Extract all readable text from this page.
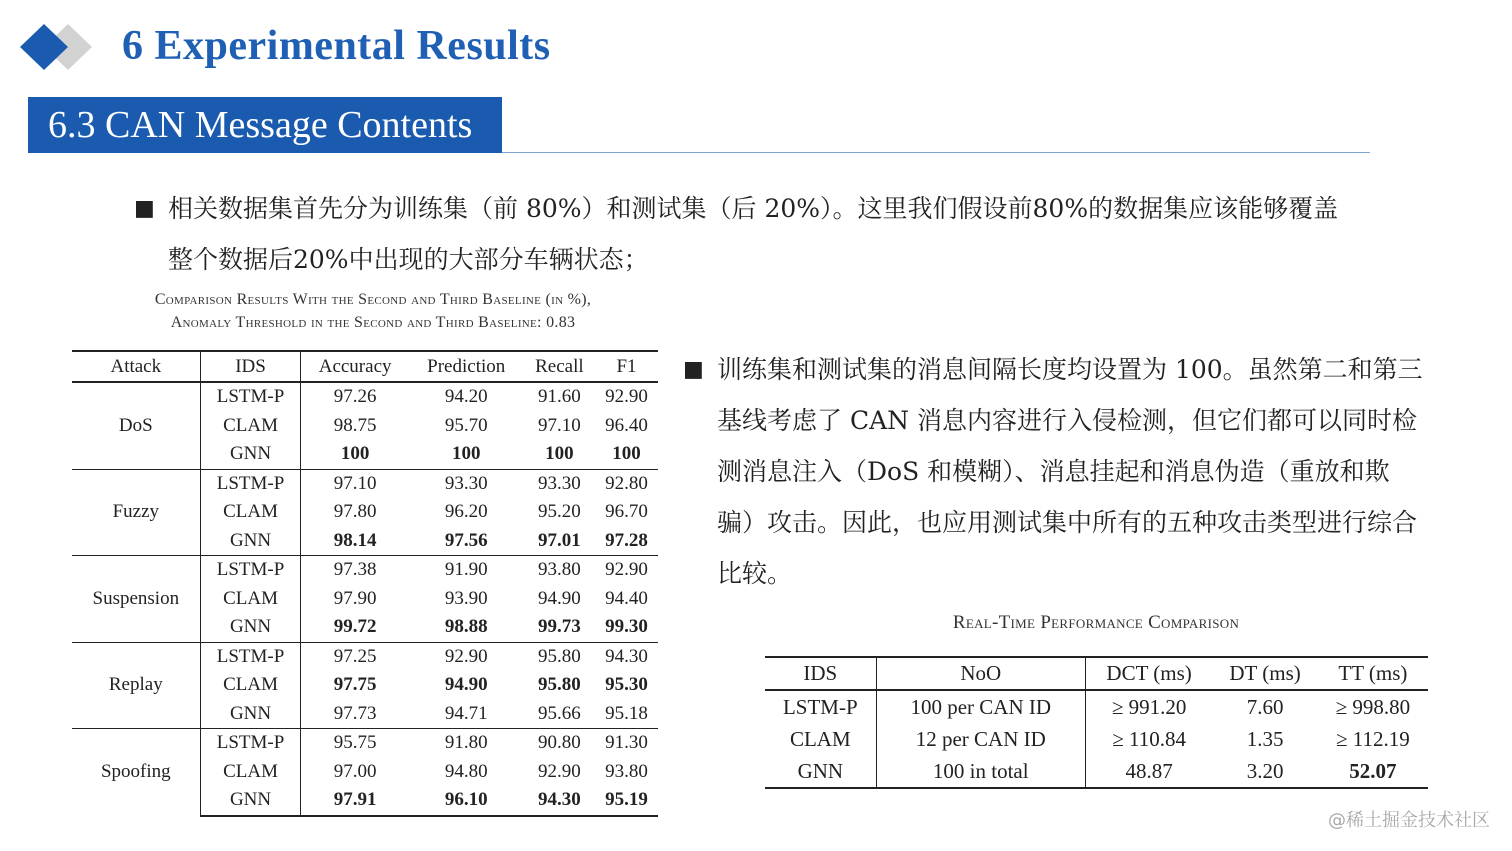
6 Experimental Results
6.3 CAN Message Contents
■ 相关数据集首先分为训练集（前 80%）和测试集（后 20%）。这里我们假设前80%的数据集应该能够覆盖整个数据后20%中出现的大部分车辆状态；
Comparison Results With the Second and Third Baseline (in %),
Anomaly Threshold in the Second and Third Baseline: 0.83
Attack	IDS	Accuracy	Prediction	Recall	F1
DoS	LSTM-P	97.26	94.20	91.60	92.90
	CLAM	98.75	95.70	97.10	96.40
	GNN	100	100	100	100
Fuzzy	LSTM-P	97.10	93.30	93.30	92.80
	CLAM	97.80	96.20	95.20	96.70
	GNN	98.14	97.56	97.01	97.28
Suspension	LSTM-P	97.38	91.90	93.80	92.90
	CLAM	97.90	93.90	94.90	94.40
	GNN	99.72	98.88	99.73	99.30
Replay	LSTM-P	97.25	92.90	95.80	94.30
	CLAM	97.75	94.90	95.80	95.30
	GNN	97.73	94.71	95.66	95.18
Spoofing	LSTM-P	95.75	91.80	90.80	91.30
	CLAM	97.00	94.80	92.90	93.80
	GNN	97.91	96.10	94.30	95.19
■ 训练集和测试集的消息间隔长度均设置为 100。虽然第二和第三基线考虑了 CAN 消息内容进行入侵检测，但它们都可以同时检测消息注入（DoS 和模糊）、消息挂起和消息伪造（重放和欺骗）攻击。因此，也应用测试集中所有的五种攻击类型进行综合比较。
Real-Time Performance Comparison
IDS	NoO	DCT (ms)	DT (ms)	TT (ms)
LSTM-P	100 per CAN ID	≥ 991.20	7.60	≥ 998.80
CLAM	12 per CAN ID	≥ 110.84	1.35	≥ 112.19
GNN	100 in total	48.87	3.20	52.07
@稀土掘金技术社区
